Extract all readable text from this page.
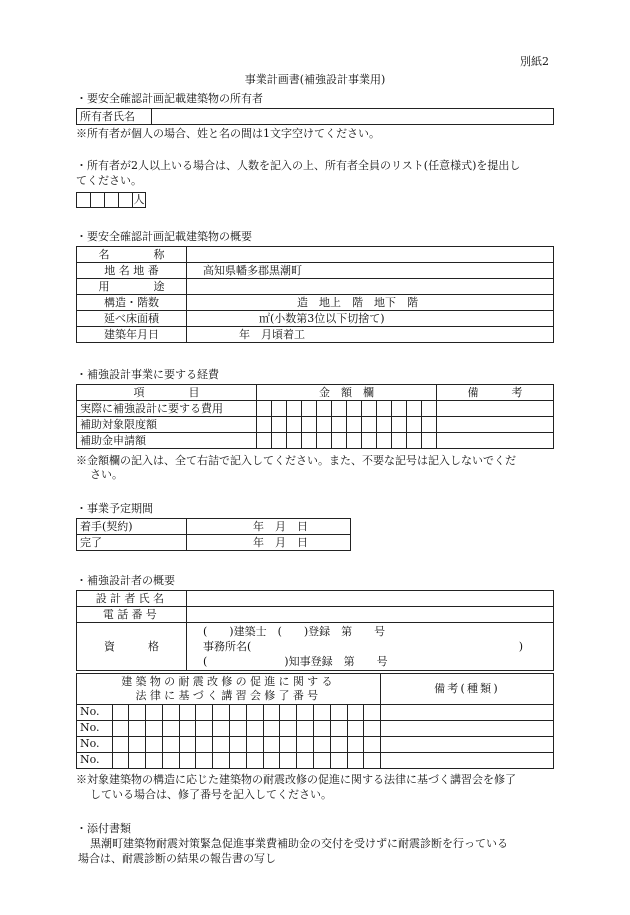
別紙2
事業計画書(補強設計事業用)
・要安全確認計画記載建築物の所有者
所有者氏名	
※所有者が個人の場合、姓と名の間は1文字空けてください。
・所有者が2人以上いる場合は、人数を記入の上、所有者全員のリスト(任意様式)を提出し
てください。
人
・要安全確認計画記載建築物の概要
名　　　　称	
地 名 地 番	高知県幡多郡黒潮町
用　　　　途	
構造・階数	造　地上　階　地下　階
延べ床面積	㎡(小数第3位以下切捨て)
建築年月日	年　月頃着工
・補強設計事業に要する経費
項　　　　目	金　額　欄	備　　　考
実際に補強設計に要する費用	

補助対象限度額	

補助金申請額	

※金額欄の記入は、全て右詰で記入してください。また、不要な記号は記入しないでくだ
さい。
・事業予定期間
着手(契約)	年　月　日
完了	年　月　日
・補強設計者の概要
設計者氏名	
電話番号	
資　　　格	(　　)建築士　(　　)登録　第　　号
事務所名( )
(　　　　　　　)知事登録　第　　号
建築物の耐震改修の促進に関する
法律に基づく講習会修了番号	備考(種類)

No.	

No.	

No.	

No.	

※対象建築物の構造に応じた建築物の耐震改修の促進に関する法律に基づく講習会を修了
している場合は、修了番号を記入してください。
・添付書類
黒潮町建築物耐震対策緊急促進事業費補助金の交付を受けずに耐震診断を行っている
場合は、耐震診断の結果の報告書の写し
